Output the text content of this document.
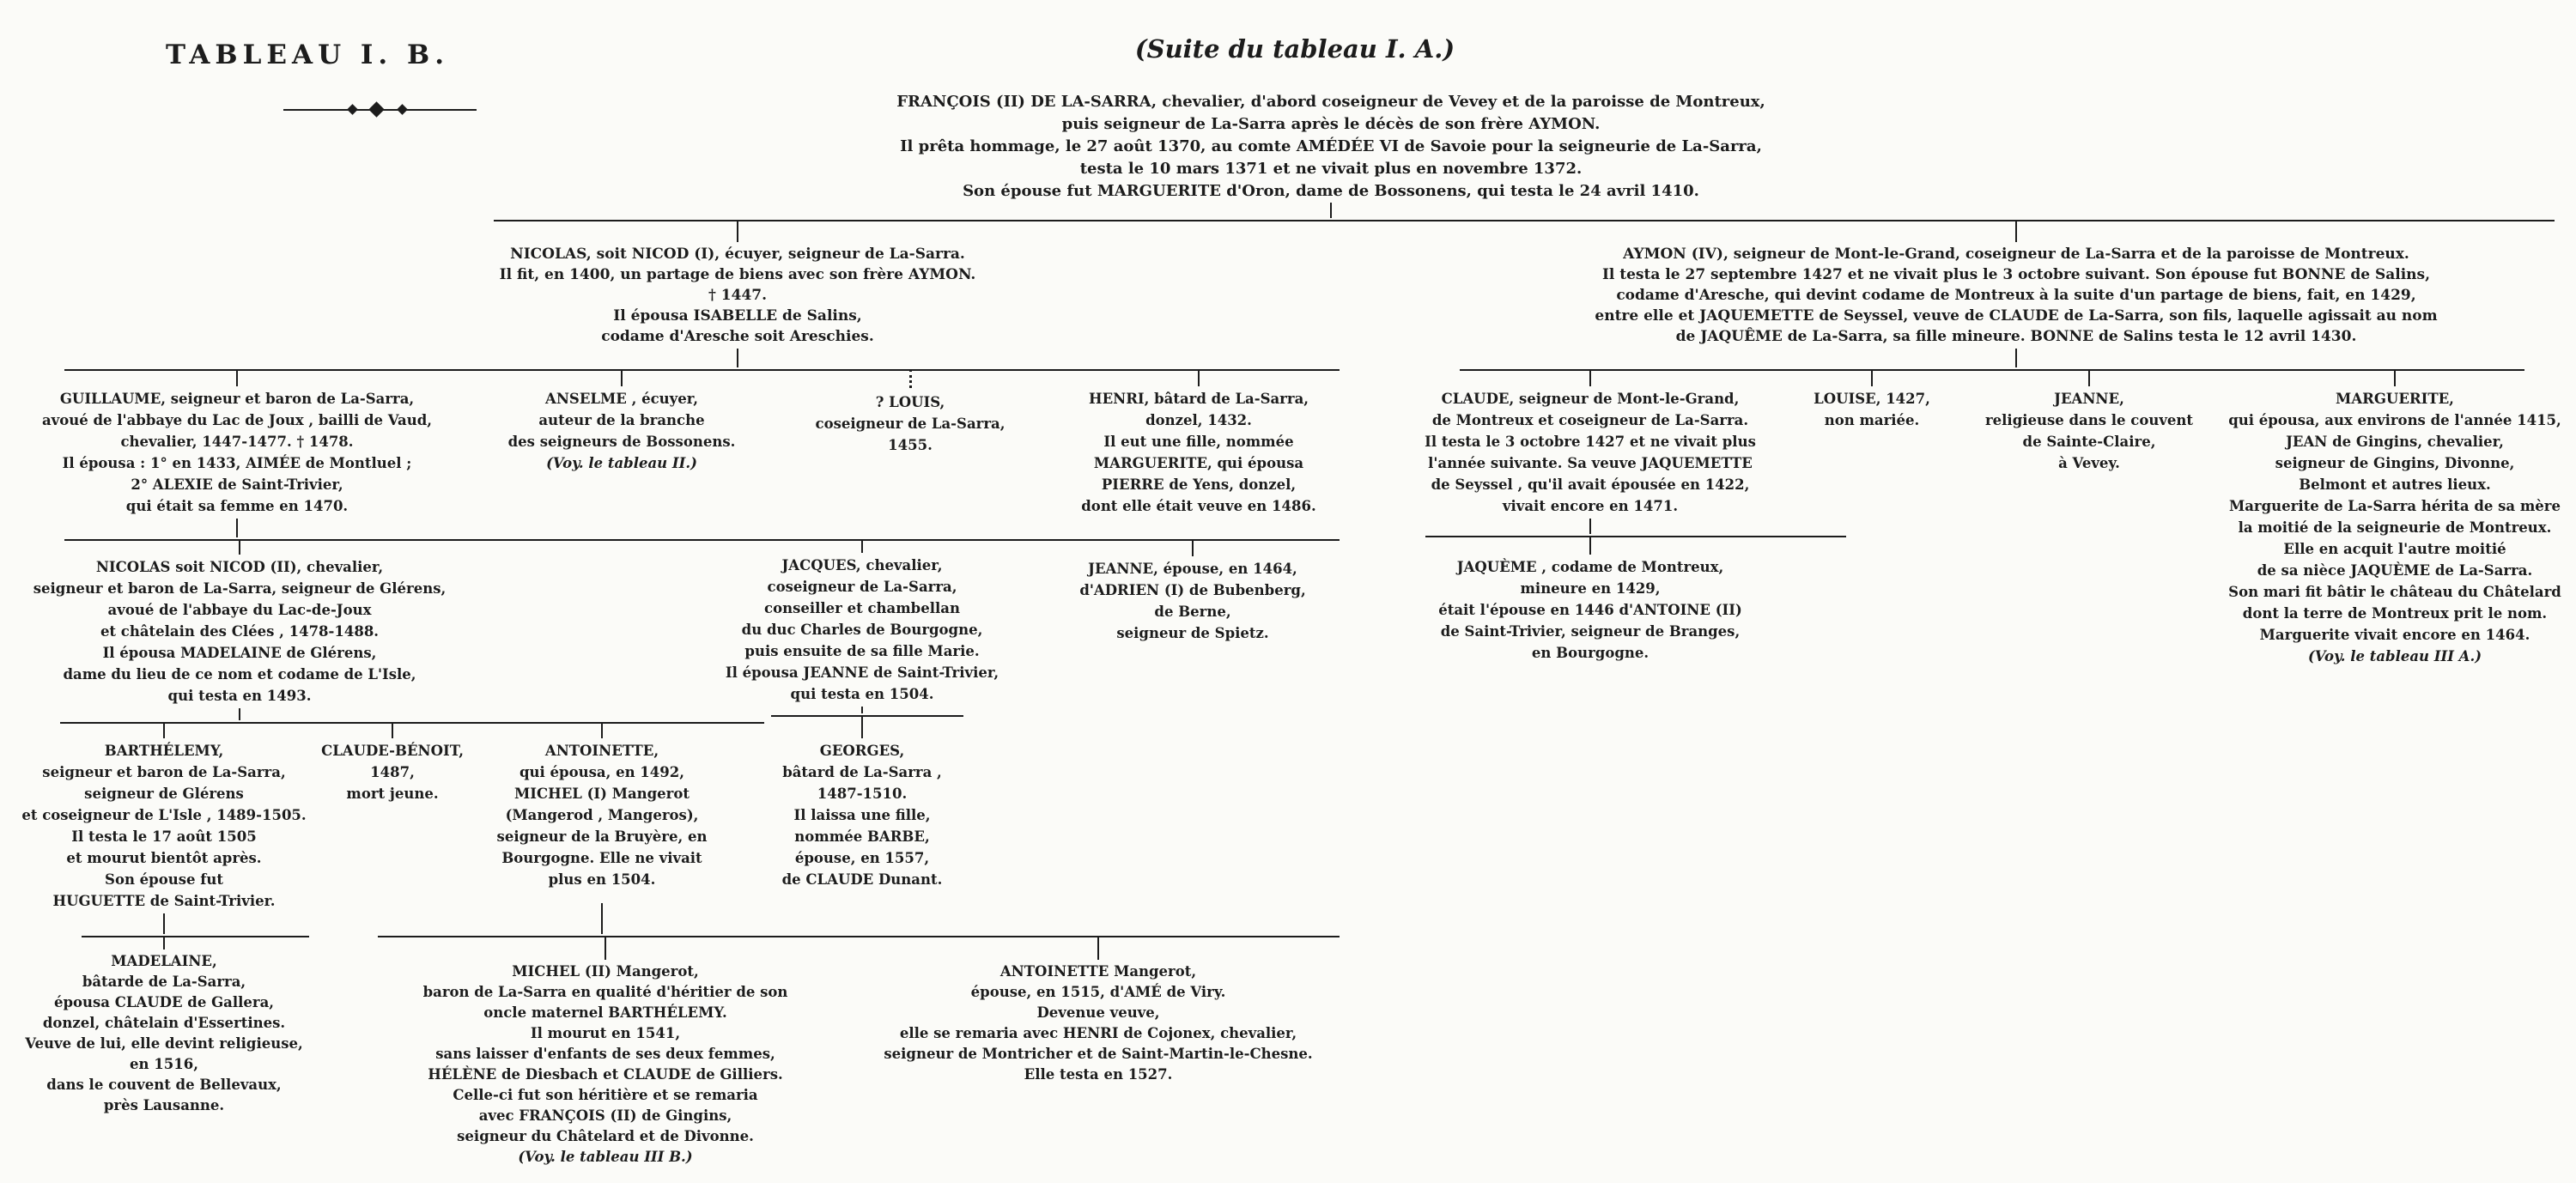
TABLEAU I. B.	(Suite du tableau I. A.)
FRANÇOIS (II) DE LA-SARRA, chevalier, d'abord coseigneur de Vevey et de la paroisse de Montreux,
puis seigneur de La-Sarra après le décès de son frère AYMON.
Il prêta hommage, le 27 août 1370, au comte AMÉDÉE VI de Savoie pour la seigneurie de La-Sarra,
testa le 10 mars 1371 et ne vivait plus en novembre 1372.
Son épouse fut MARGUERITE d'Oron, dame de Bossonens, qui testa le 24 avril 1410.
NICOLAS, soit NICOD (I), écuyer, seigneur de La-Sarra.
Il fit, en 1400, un partage de biens avec son frère AYMON.
† 1447.
Il épousa ISABELLE de Salins,
codame d'Aresche soit Areschies.
AYMON (IV), seigneur de Mont-le-Grand, coseigneur de La-Sarra et de la paroisse de Montreux.
Il testa le 27 septembre 1427 et ne vivait plus le 3 octobre suivant. Son épouse fut BONNE de Salins,
codame d'Aresche, qui devint codame de Montreux à la suite d'un partage de biens, fait, en 1429,
entre elle et JAQUEMETTE de Seyssel, veuve de CLAUDE de La-Sarra, son fils, laquelle agissait au nom
de JAQUÊME de La-Sarra, sa fille mineure. BONNE de Salins testa le 12 avril 1430.
GUILLAUME, seigneur et baron de La-Sarra,
avoué de l'abbaye du Lac de Joux , bailli de Vaud,
chevalier, 1447-1477. † 1478.
Il épousa : 1° en 1433, AIMÉE de Montluel ;
2° ALEXIE de Saint-Trivier,
qui était sa femme en 1470.
ANSELME , écuyer,
auteur de la branche
des seigneurs de Bossonens.
(Voy. le tableau II.)
? LOUIS,
coseigneur de La-Sarra,
1455.
HENRI, bâtard de La-Sarra,
donzel, 1432.
Il eut une fille, nommée
MARGUERITE, qui épousa
PIERRE de Yens, donzel,
dont elle était veuve en 1486.
CLAUDE, seigneur de Mont-le-Grand,
de Montreux et coseigneur de La-Sarra.
Il testa le 3 octobre 1427 et ne vivait plus
l'année suivante. Sa veuve JAQUEMETTE
de Seyssel , qu'il avait épousée en 1422,
vivait encore en 1471.
LOUISE, 1427,
non mariée.
JEANNE,
religieuse dans le couvent
de Sainte-Claire,
à Vevey.
MARGUERITE,
qui épousa, aux environs de l'année 1415,
JEAN de Gingins, chevalier,
seigneur de Gingins, Divonne,
Belmont et autres lieux.
Marguerite de La-Sarra hérita de sa mère
la moitié de la seigneurie de Montreux.
Elle en acquit l'autre moitié
de sa nièce JAQUÈME de La-Sarra.
Son mari fit bâtir le château du Châtelard
dont la terre de Montreux prit le nom.
Marguerite vivait encore en 1464.
(Voy. le tableau III A.)
NICOLAS soit NICOD (II), chevalier,
seigneur et baron de La-Sarra, seigneur de Glérens,
avoué de l'abbaye du Lac-de-Joux
et châtelain des Clées , 1478-1488.
Il épousa MADELAINE de Glérens,
dame du lieu de ce nom et codame de L'Isle,
qui testa en 1493.
JACQUES, chevalier,
coseigneur de La-Sarra,
conseiller et chambellan
du duc Charles de Bourgogne,
puis ensuite de sa fille Marie.
Il épousa JEANNE de Saint-Trivier,
qui testa en 1504.
JEANNE, épouse, en 1464,
d'ADRIEN (I) de Bubenberg,
de Berne,
seigneur de Spietz.
JAQUÈME , codame de Montreux,
mineure en 1429,
était l'épouse en 1446 d'ANTOINE (II)
de Saint-Trivier, seigneur de Branges,
en Bourgogne.
BARTHÉLEMY,
seigneur et baron de La-Sarra,
seigneur de Glérens
et coseigneur de L'Isle , 1489-1505.
Il testa le 17 août 1505
et mourut bientôt après.
Son épouse fut
HUGUETTE de Saint-Trivier.
CLAUDE-BÉNOIT,
1487,
mort jeune.
ANTOINETTE,
qui épousa, en 1492,
MICHEL (I) Mangerot
(Mangerod , Mangeros),
seigneur de la Bruyère, en
Bourgogne. Elle ne vivait
plus en 1504.
GEORGES,
bâtard de La-Sarra ,
1487-1510.
Il laissa une fille,
nommée BARBE,
épouse, en 1557,
de CLAUDE Dunant.
MADELAINE,
bâtarde de La-Sarra,
épousa CLAUDE de Gallera,
donzel, châtelain d'Essertines.
Veuve de lui, elle devint religieuse,
en 1516,
dans le couvent de Bellevaux,
près Lausanne.
MICHEL (II) Mangerot,
baron de La-Sarra en qualité d'héritier de son
oncle maternel BARTHÉLEMY.
Il mourut en 1541,
sans laisser d'enfants de ses deux femmes,
HÉLÈNE de Diesbach et CLAUDE de Gilliers.
Celle-ci fut son héritière et se remaria
avec FRANÇOIS (II) de Gingins,
seigneur du Châtelard et de Divonne.
(Voy. le tableau III B.)
ANTOINETTE Mangerot,
épouse, en 1515, d'AMÉ de Viry.
Devenue veuve,
elle se remaria avec HENRI de Cojonex, chevalier,
seigneur de Montricher et de Saint-Martin-le-Chesne.
Elle testa en 1527.
